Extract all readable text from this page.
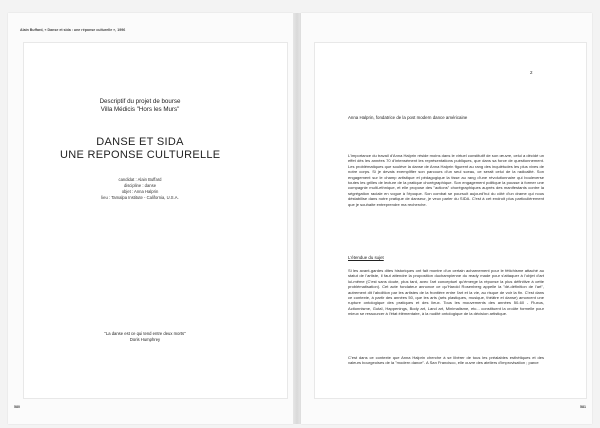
Alain Buffard, « Danse et sida : une réponse culturelle », 1996
Descriptif du projet de bourse
Villa Médicis "Hors les Murs"
DANSE ET SIDA
UNE REPONSE CULTURELLE
candidat : Alain Buffard
discipline : danse
objet : Anna Halprin
lieu : Tamalpa Institute - California, U.S.A.
"La danse est ce qui tend entre deux morts"
Doris Humphrey
2
Anna Halprin, fondatrice de la post modern dance américaine
L'importance du travail d'Anna Halprin réside moins dans le virtuel constitutif de son œuvre, celui a décidé un effet dès les années 70 d'intensément les représentations publiques, que dans sa force de questionnement. Les problématiques que soulève la danse de Anna Halprin figurent au rang des inquiétudes les plus vives de notre corps. Si je devais exemplifier son parcours d'un seul sceau, ce serait celui de la radicalité. Son engagement sur le champ artistique et pédagogique la tisse au rang d'une révolutionnaire qui bouleverse toutes les grilles de lecture de la pratique chorégraphique. Son engagement politique la pousse à former une compagnie multi-ethnique, et elle propose des "actions" chorégraphiques auprès des manifestants contre la ségrégation raciale en vogue à l'époque. Son combat se poursuit aujourd'hui du côté d'un drame qui nous déstabilise dans notre pratique de danseur, je veux parler du SIDA. C'est à cet endroit plus particulièrement que je souhaite entreprendre ma recherche.
L'étendue du sujet
Si les avant-gardes dites historiques ont fait montre d'un certain acharnement pour le fétichisme attaché au statut de l'artiste, il faut attendre la proposition duchampienne du ready made pour s'attaquer à l'objet d'art lui-même (C'est sans doute, plus tard, avec l'art conceptuel qu'émerge la réponse la plus définitive à cette problématisation). Cet acte fondateur annonce ce qu'Harold Rosenberg appelle la "dé-définition de l'art", autrement dit l'abolition par les artistes de la frontière entre l'art et la vie, au risque de voir la fin. C'est dans ce contexte, à partir des années 50, que les arts (arts plastiques, musique, théâtre et danse) amorcent une rupture ontologique des pratiques et des lieux. Tous les mouvements des années 50-60 - Fluxus, Actionnisme, Gutaï, Happenings, Body art, Land art, Minimalisme, etc... constituent la croûte formelle pour mieux se ressourcer à l'état élémentaire, à la nudité ontologique de la décision artistique.
C'est dans ce contexte que Anna Halprin cherche à se libérer de tous les préalables esthétiques et des valeurs bourgeoises de la "modern dance". A San Francisco, elle ouvre des ateliers d'improvisation ; parce
580	581
